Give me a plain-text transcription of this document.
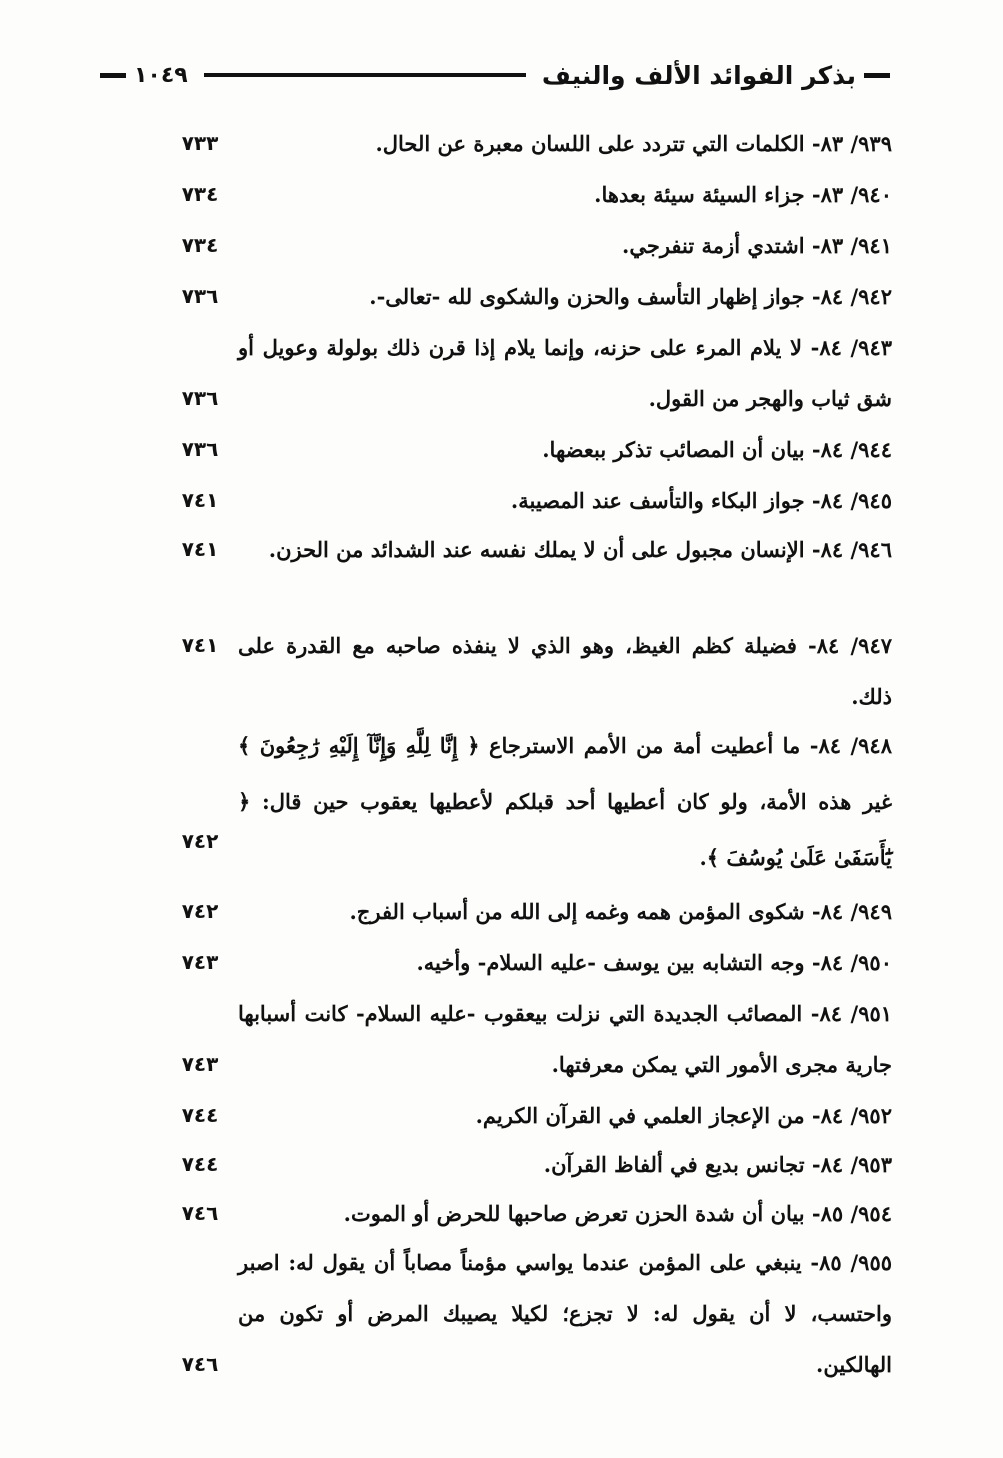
بذكر الفوائد الألف والنيف
١٠٤٩
٩٣٩/ ٨٣- الكلمات التي تتردد على اللسان معبرة عن الحال.
٧٣٣
٩٤٠/ ٨٣- جزاء السيئة سيئة بعدها.
٧٣٤
٩٤١/ ٨٣- اشتدي أزمة تنفرجي.
٧٣٤
٩٤٢/ ٨٤- جواز إظهار التأسف والحزن والشكوى لله -تعالى-.
٧٣٦
٩٤٣/ ٨٤- لا يلام المرء على حزنه، وإنما يلام إذا قرن ذلك بولولة وعويل أو شق ثياب والهجر من القول.
٧٣٦
٩٤٤/ ٨٤- بيان أن المصائب تذكر ببعضها.
٧٣٦
٩٤٥/ ٨٤- جواز البكاء والتأسف عند المصيبة.
٧٤١
٩٤٦/ ٨٤- الإنسان مجبول على أن لا يملك نفسه عند الشدائد من الحزن.
٧٤١
٩٤٧/ ٨٤- فضيلة كظم الغيظ، وهو الذي لا ينفذه صاحبه مع القدرة على ذلك.
٧٤١
٩٤٨/ ٨٤- ما أعطيت أمة من الأمم الاسترجاع ﴿ إِنَّا لِلَّهِ وَإِنَّآ إِلَيْهِ رَٰجِعُونَ ﴾ غير هذه الأمة، ولو كان أعطيها أحد قبلكم لأعطيها يعقوب حين قال: ﴿ يَٰٓأَسَفَىٰ عَلَىٰ يُوسُفَ ﴾.
٧٤٢
٩٤٩/ ٨٤- شكوى المؤمن همه وغمه إلى الله من أسباب الفرج.
٧٤٢
٩٥٠/ ٨٤- وجه التشابه بين يوسف -عليه السلام- وأخيه.
٧٤٣
٩٥١/ ٨٤- المصائب الجديدة التي نزلت بيعقوب -عليه السلام- كانت أسبابها جارية مجرى الأمور التي يمكن معرفتها.
٧٤٣
٩٥٢/ ٨٤- من الإعجاز العلمي في القرآن الكريم.
٧٤٤
٩٥٣/ ٨٤- تجانس بديع في ألفاظ القرآن.
٧٤٤
٩٥٤/ ٨٥- بيان أن شدة الحزن تعرض صاحبها للحرض أو الموت.
٧٤٦
٩٥٥/ ٨٥- ينبغي على المؤمن عندما يواسي مؤمناً مصاباً أن يقول له: اصبر واحتسب، لا أن يقول له: لا تجزع؛ لكيلا يصيبك المرض أو تكون من الهالكين.
٧٤٦
